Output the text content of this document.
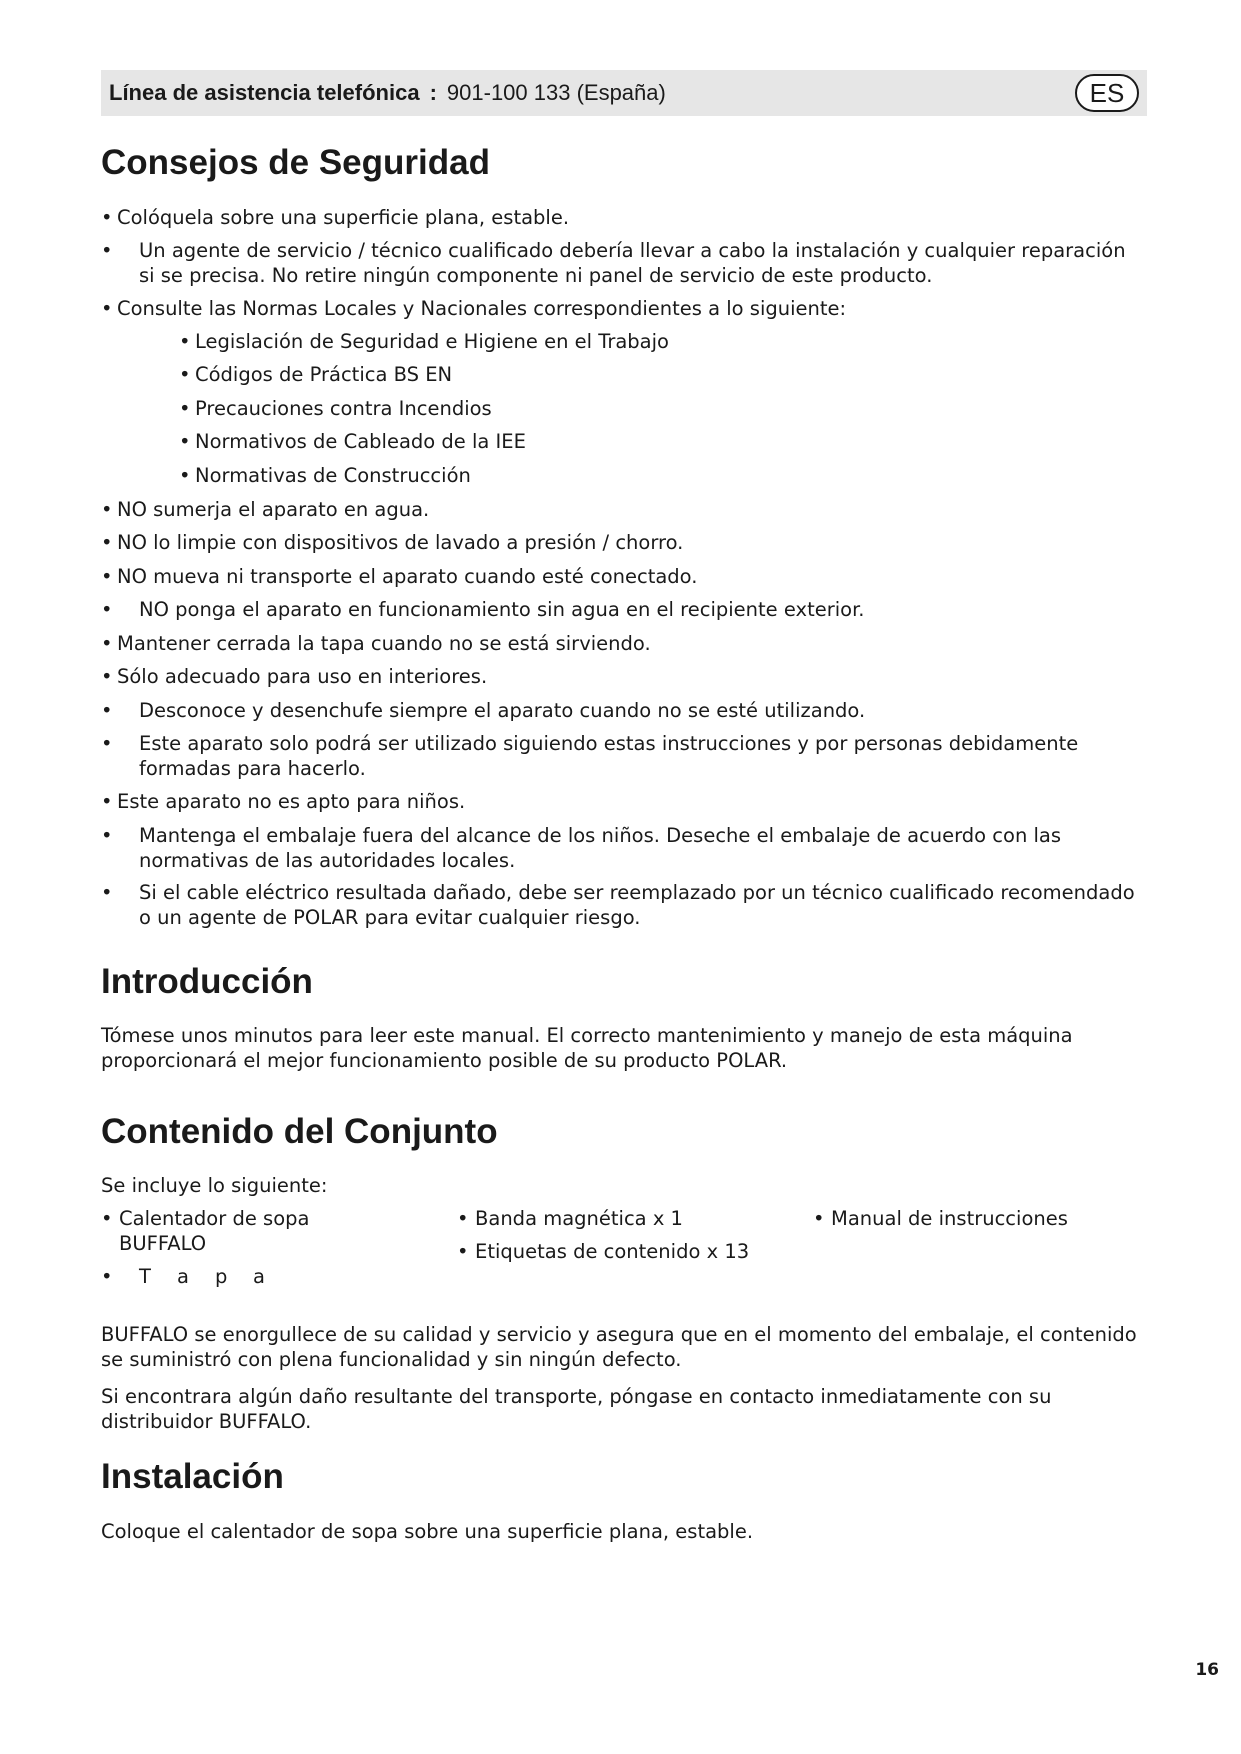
Línea de asistencia telefónica : 901-100 133 (España)	ES
Consejos de Seguridad
• Colóquela sobre una superficie plana, estable.
•	Un agente de servicio / técnico cualificado debería llevar a cabo la instalación y cualquier reparación si se precisa. No retire ningún componente ni panel de servicio de este producto.
• Consulte las Normas Locales y Nacionales correspondientes a lo siguiente:
• Legislación de Seguridad e Higiene en el Trabajo
• Códigos de Práctica BS EN
• Precauciones contra Incendios
• Normativos de Cableado de la IEE
• Normativas de Construcción
• NO sumerja el aparato en agua.
• NO lo limpie con dispositivos de lavado a presión / chorro.
• NO mueva ni transporte el aparato cuando esté conectado.
•	NO ponga el aparato en funcionamiento sin agua en el recipiente exterior.
• Mantener cerrada la tapa cuando no se está sirviendo.
• Sólo adecuado para uso en interiores.
•	Desconoce y desenchufe siempre el aparato cuando no se esté utilizando.
•	Este aparato solo podrá ser utilizado siguiendo estas instrucciones y por personas debidamente formadas para hacerlo.
• Este aparato no es apto para niños.
•	Mantenga el embalaje fuera del alcance de los niños. Deseche el embalaje de acuerdo con las normativas de las autoridades locales.
•	Si el cable eléctrico resultada dañado, debe ser reemplazado por un técnico cualificado recomendado o un agente de POLAR para evitar cualquier riesgo.
Introducción
Tómese unos minutos para leer este manual. El correcto mantenimiento y manejo de esta máquina proporcionará el mejor funcionamiento posible de su producto POLAR.
Contenido del Conjunto
Se incluye lo siguiente:
• Calentador de sopa BUFFALO
•	T	a	p	a
• Banda magnética x 1
• Etiquetas de contenido x 13
• Manual de instrucciones
BUFFALO se enorgullece de su calidad y servicio y asegura que en el momento del embalaje, el contenido se suministró con plena funcionalidad y sin ningún defecto.
Si encontrara algún daño resultante del transporte, póngase en contacto inmediatamente con su distribuidor BUFFALO.
Instalación
Coloque el calentador de sopa sobre una superficie plana, estable.
16
